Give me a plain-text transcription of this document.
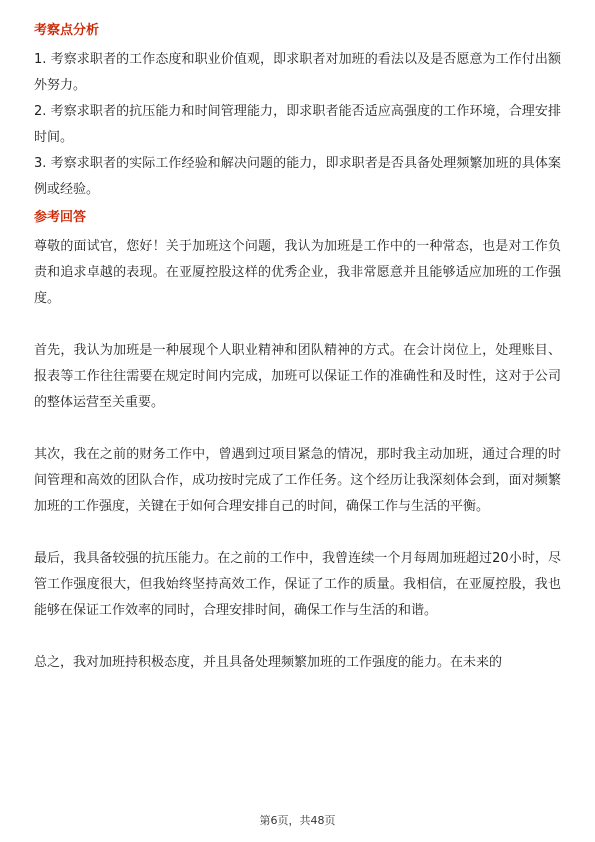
考察点分析

1. 考察求职者的工作态度和职业价值观，即求职者对加班的看法以及是否愿意为工作付出额外努力。

2. 考察求职者的抗压能力和时间管理能力，即求职者能否适应高强度的工作环境，合理安排时间。

3. 考察求职者的实际工作经验和解决问题的能力，即求职者是否具备处理频繁加班的具体案例或经验。

参考回答

尊敬的面试官，您好！关于加班这个问题，我认为加班是工作中的一种常态，也是对工作负责和追求卓越的表现。在亚厦控股这样的优秀企业，我非常愿意并且能够适应加班的工作强度。

首先，我认为加班是一种展现个人职业精神和团队精神的方式。在会计岗位上，处理账目、报表等工作往往需要在规定时间内完成，加班可以保证工作的准确性和及时性，这对于公司的整体运营至关重要。

其次，我在之前的财务工作中，曾遇到过项目紧急的情况，那时我主动加班，通过合理的时间管理和高效的团队合作，成功按时完成了工作任务。这个经历让我深刻体会到，面对频繁加班的工作强度，关键在于如何合理安排自己的时间，确保工作与生活的平衡。

最后，我具备较强的抗压能力。在之前的工作中，我曾连续一个月每周加班超过20小时，尽管工作强度很大，但我始终坚持高效工作，保证了工作的质量。我相信，在亚厦控股，我也能够在保证工作效率的同时，合理安排时间，确保工作与生活的和谐。

总之，我对加班持积极态度，并且具备处理频繁加班的工作强度的能力。在未来的

第6页，共48页
